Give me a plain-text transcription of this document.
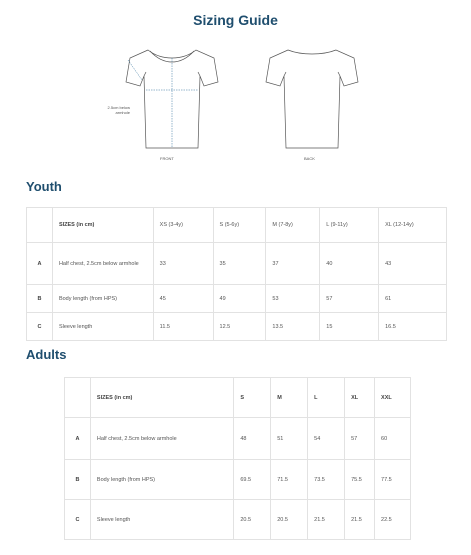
Sizing Guide
2.5cm below armhole
FRONT	BACK
Youth
	SIZES (in cm)	XS (3-4y)	S (5-6y)	M (7-8y)	L (9-11y)	XL (12-14y)
A	Half chest, 2.5cm below armhole	33	35	37	40	43
B	Body length (from HPS)	45	49	53	57	61
C	Sleeve length	11.5	12.5	13.5	15	16.5
Adults
	SIZES (in cm)	S	M	L	XL	XXL
A	Half chest, 2.5cm below armhole	48	51	54	57	60
B	Body length (from HPS)	69.5	71.5	73.5	75.5	77.5
C	Sleeve length	20.5	20.5	21.5	21.5	22.5
